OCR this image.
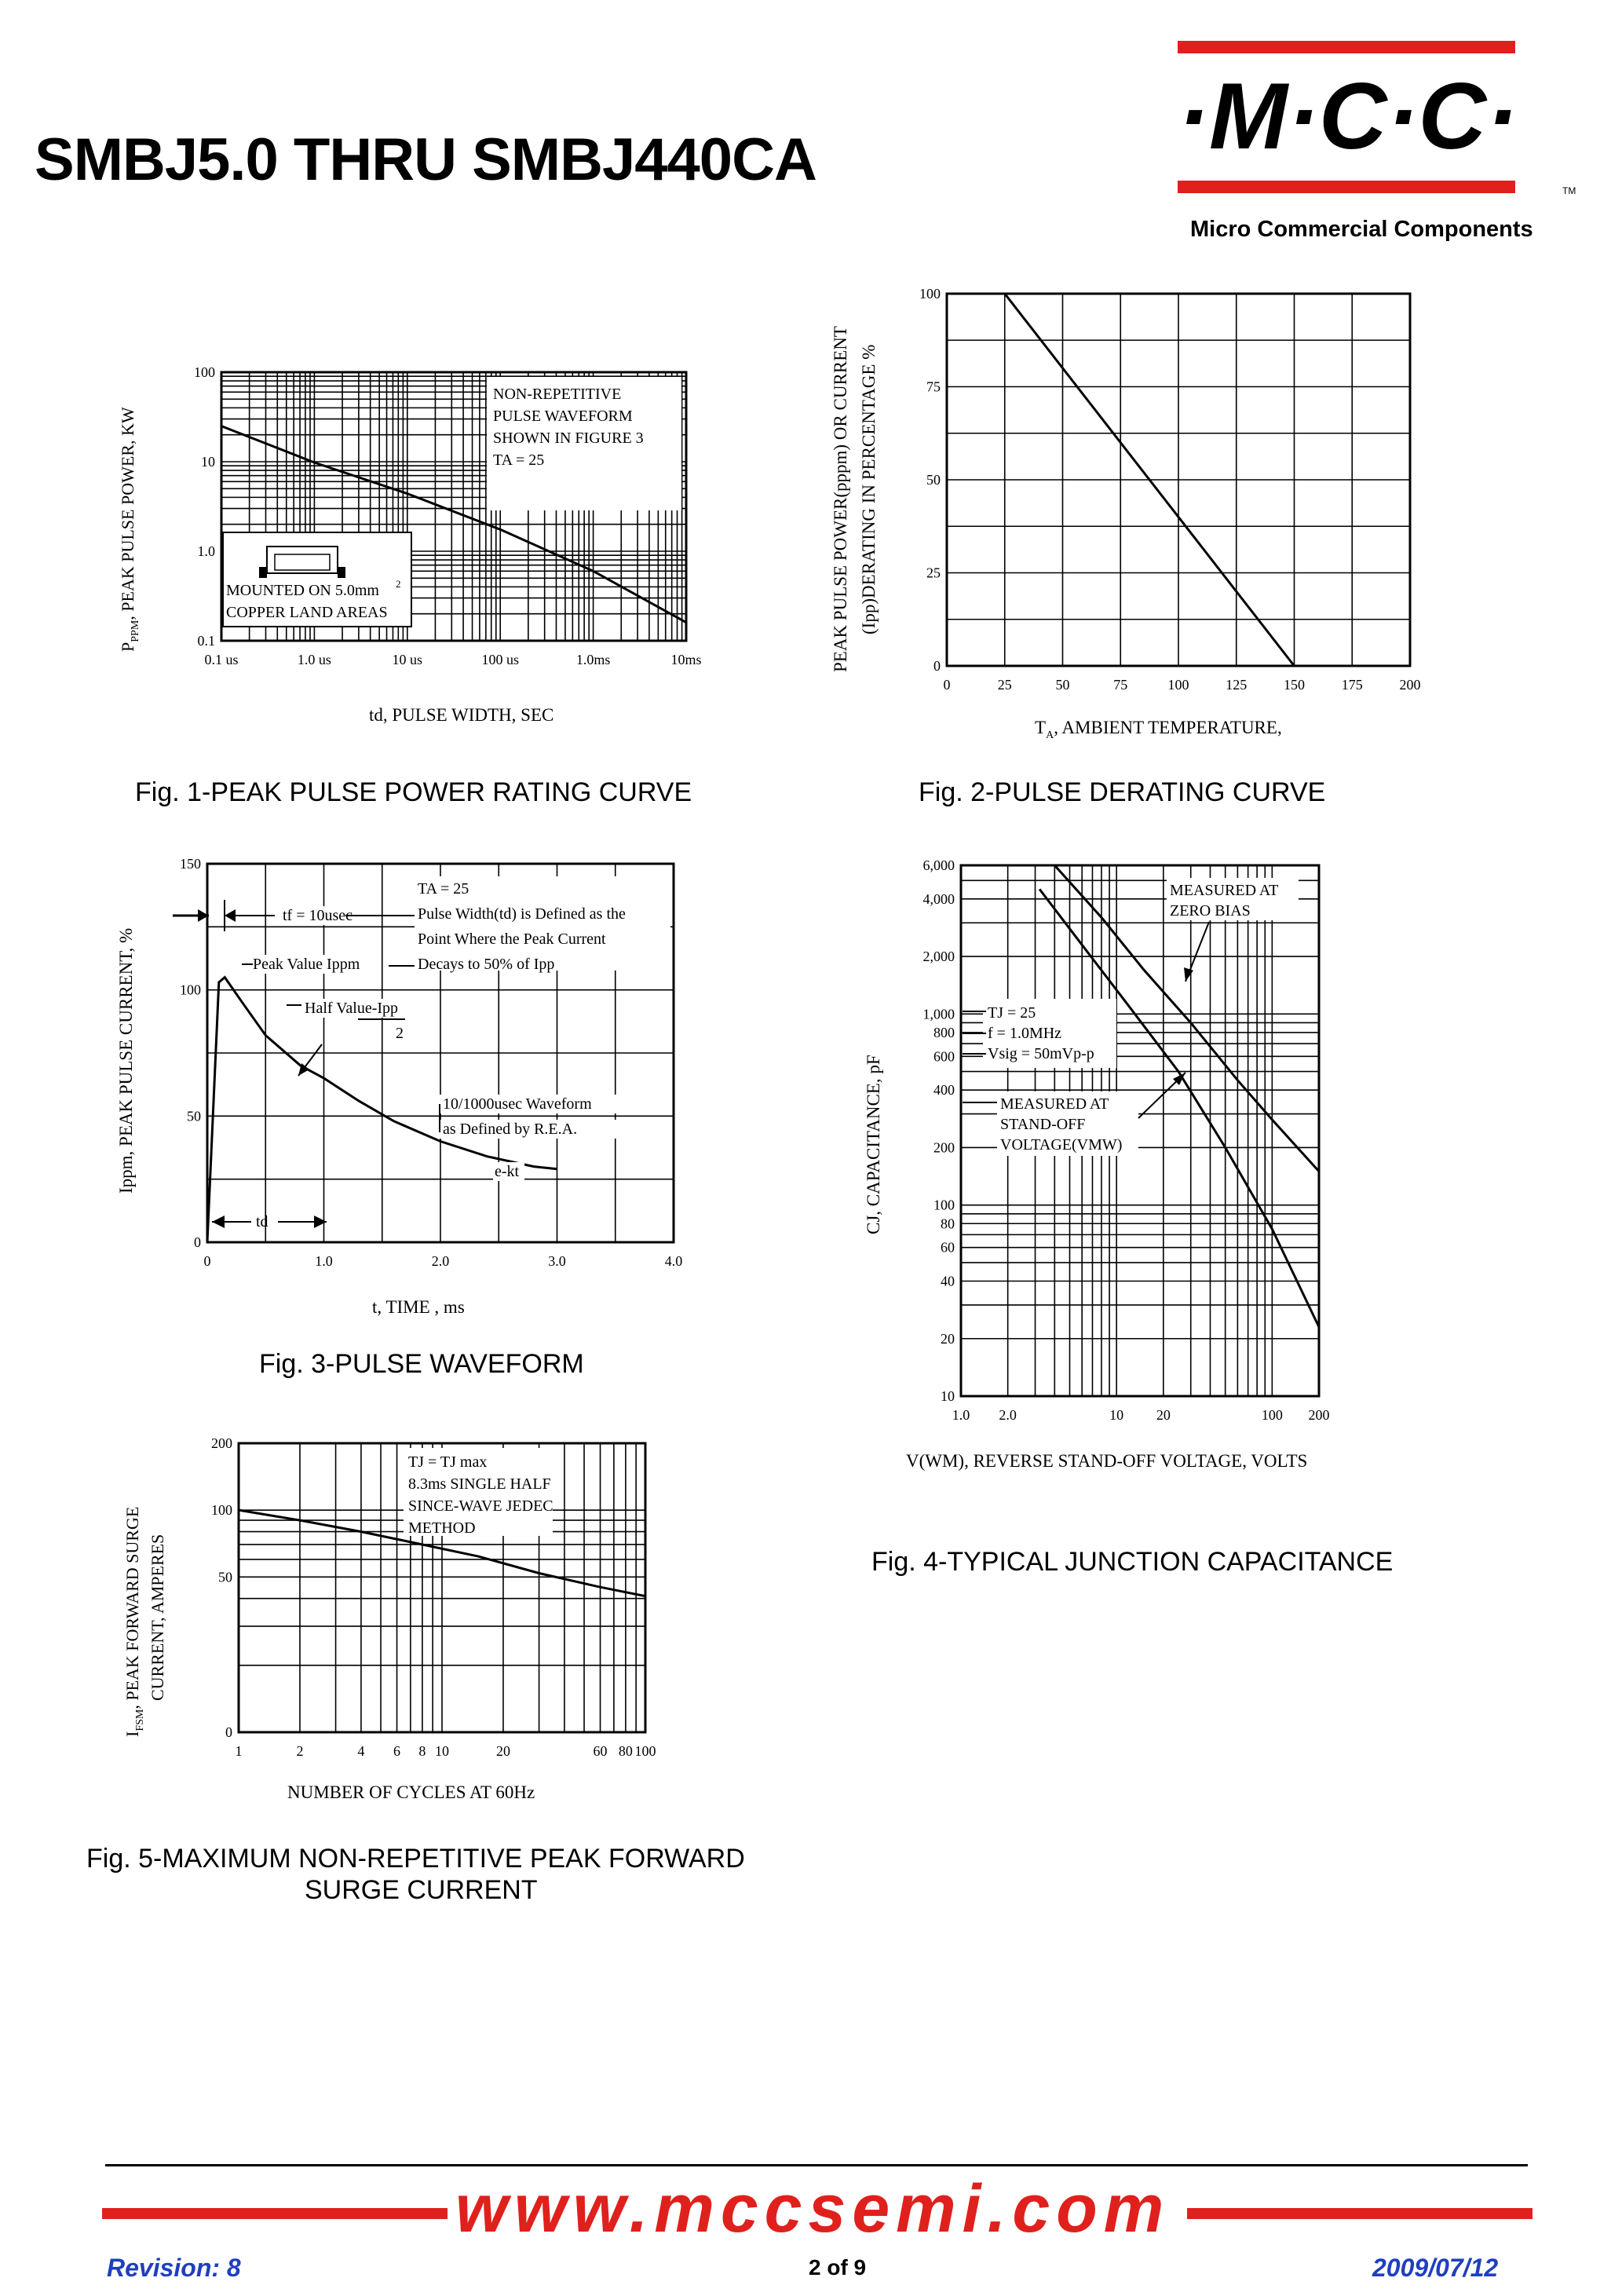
SMBJ5.0 THRU SMBJ440CA	·M·C·C·
TM
Micro Commercial Components
NON-REPETITIVE
PULSE WAVEFORM
SHOWN IN FIGURE 3
TA = 25
MOUNTED ON 5.0mm 2
COPPER LAND AREAS
0.1
1.0
10
100
0.1 us	1.0 us	10 us	100 us	1.0ms	10ms
$P_{PPM}$, PEAK PULSE POWER, KW
td, PULSE WIDTH, SEC
Fig. 1-PEAK PULSE POWER RATING CURVE
0
25
50
75
100
0	25	50	75	100	125	150	175	200
PEAK PULSE POWER(pppm) OR CURRENT (Ipp)DERATING IN PERCENTAGE %
$T_A$, AMBIENT TEMPERATURE,
Fig. 2-PULSE DERATING CURVE
TA = 25
Pulse Width(td) is Defined as the
Point Where the Peak Current
Decays to 50% of Ipp
tf = 10usec
Peak Value Ippm
Half Value-Ipp
2
10/1000usec Waveform
as Defined by R.E.A.
e-kt
td
0
50
100
150
0	1.0	2.0	3.0	4.0
Ippm, PEAK PULSE CURRENT, %
t, TIME , ms
Fig. 3-PULSE WAVEFORM
MEASURED AT
ZERO BIAS
TJ = 25
f = 1.0MHz
Vsig = 50mVp-p
MEASURED AT
STAND-OFF
VOLTAGE(VMW)
10
20
40
60
80
100
200
400
600
800
1,000
2,000
4,000
6,000
1.0 2.0	10 20	100 200
CJ, CAPACITANCE, pF
V(WM), REVERSE STAND-OFF VOLTAGE, VOLTS
Fig. 4-TYPICAL JUNCTION CAPACITANCE
TJ = TJ max
8.3ms SINGLE HALF
SINCE-WAVE JEDEC
METHOD
0
50
100
200
1	2	4 6 8 10	20	60 80 100
$I_{FSM}$, PEAK FORWARD SURGE CURRENT, AMPERES
NUMBER OF CYCLES AT 60Hz
Fig. 5-MAXIMUM NON-REPETITIVE PEAK FORWARD
SURGE CURRENT
www.mccsemi.com
Revision: 8	2 of 9	2009/07/12
